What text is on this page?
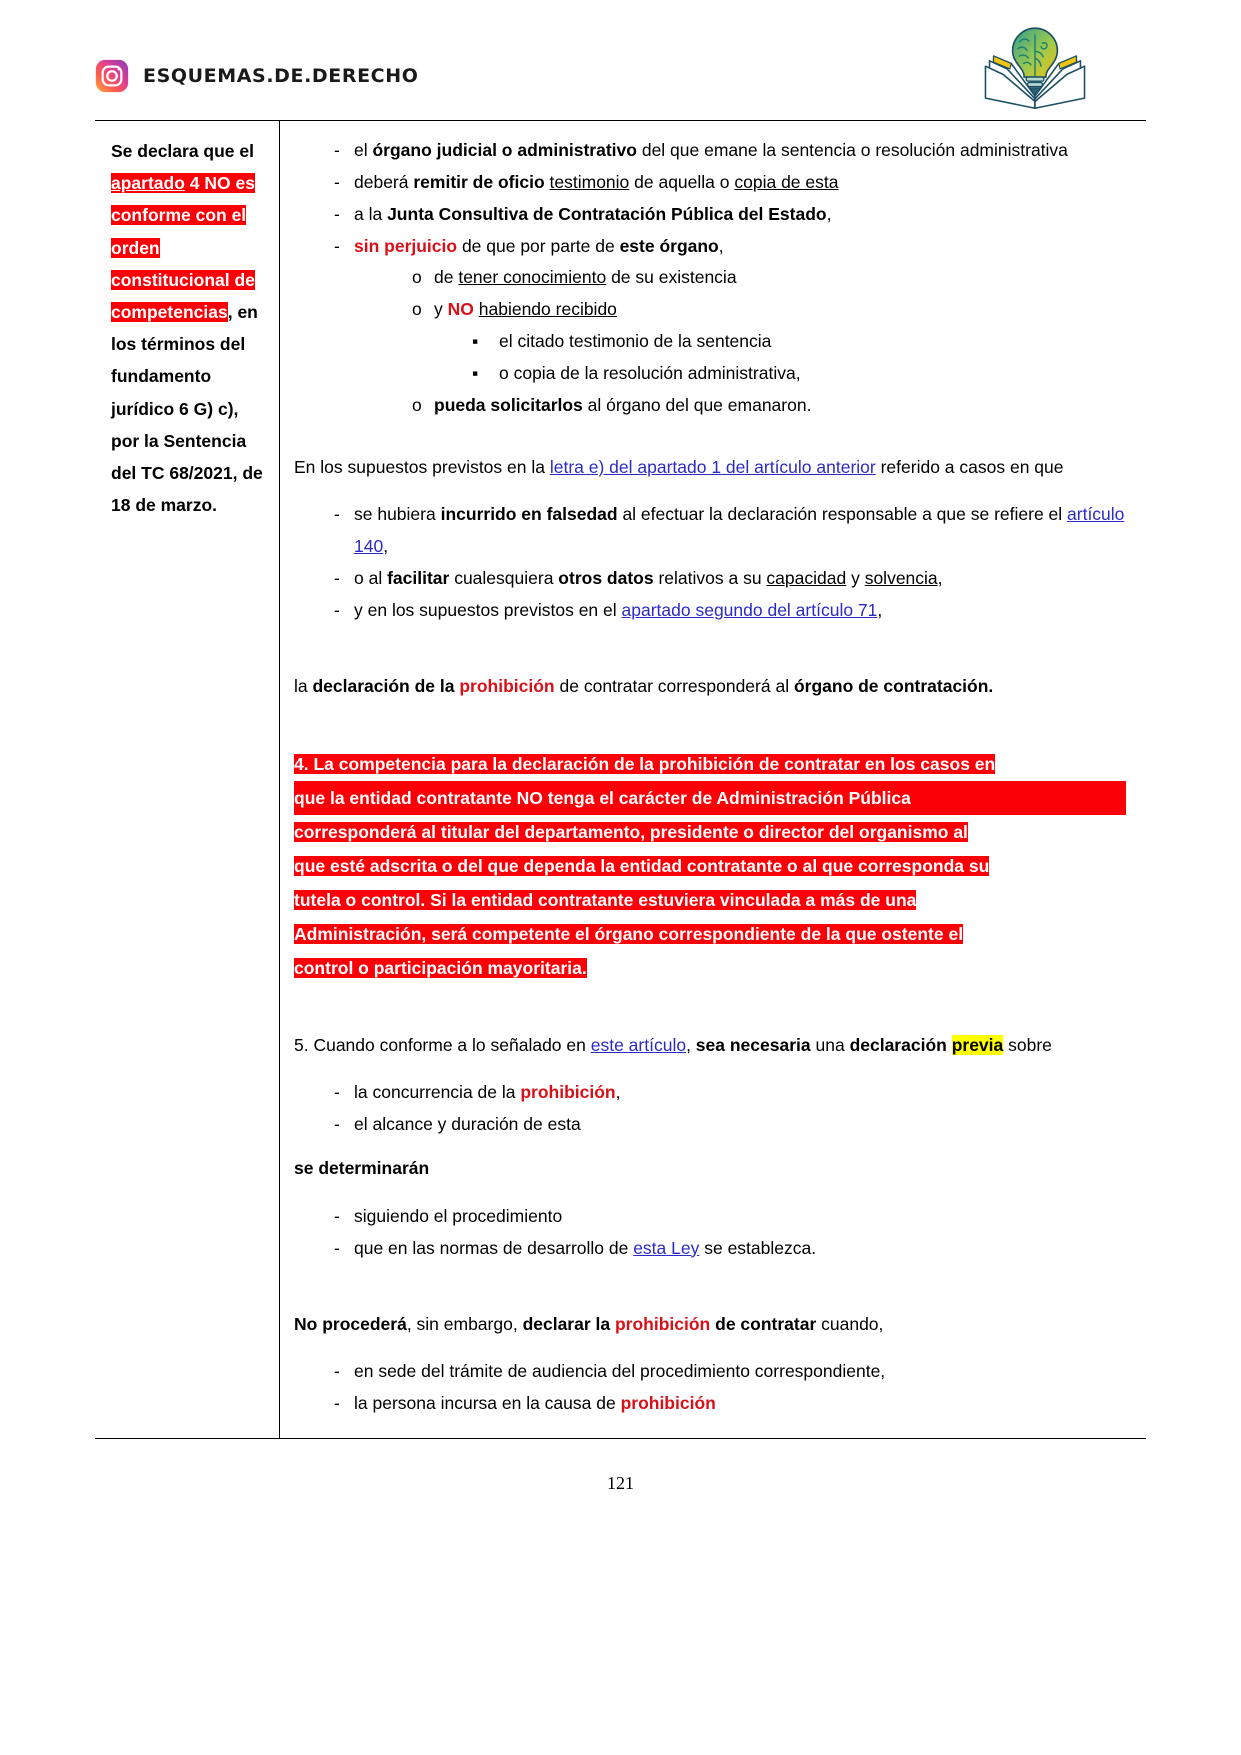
ESQUEMAS.DE.DERECHO
Se declara que el apartado 4 NO es conforme con el orden constitucional de competencias, en los términos del fundamento jurídico 6 G) c), por la Sentencia del TC 68/2021, de 18 de marzo.
- el órgano judicial o administrativo del que emane la sentencia o resolución administrativa
- deberá remitir de oficio testimonio de aquella o copia de esta
- a la Junta Consultiva de Contratación Pública del Estado,
- sin perjuicio de que por parte de este órgano,
o de tener conocimiento de su existencia
o y NO habiendo recibido
▪	el citado testimonio de la sentencia
▪	o copia de la resolución administrativa,
o pueda solicitarlos al órgano del que emanaron.

En los supuestos previstos en la letra e) del apartado 1 del artículo anterior referido a casos en que

- se hubiera incurrido en falsedad al efectuar la declaración responsable a que se refiere el artículo 140,
- o al facilitar cualesquiera otros datos relativos a su capacidad y solvencia,
- y en los supuestos previstos en el apartado segundo del artículo 71,

la declaración de la prohibición de contratar corresponderá al órgano de contratación.

4. La competencia para la declaración de la prohibición de contratar en los casos en
que la entidad contratante NO tenga el carácter de Administración Pública
corresponderá al titular del departamento, presidente o director del organismo al
que esté adscrita o del que dependa la entidad contratante o al que corresponda su
tutela o control. Si la entidad contratante estuviera vinculada a más de una
Administración, será competente el órgano correspondiente de la que ostente el
control o participación mayoritaria.

5. Cuando conforme a lo señalado en este artículo, sea necesaria una declaración previa sobre

- la concurrencia de la prohibición,
- el alcance y duración de esta

se determinarán

- siguiendo el procedimiento
- que en las normas de desarrollo de esta Ley se establezca.

No procederá, sin embargo, declarar la prohibición de contratar cuando,

- en sede del trámite de audiencia del procedimiento correspondiente,
- la persona incursa en la causa de prohibición
121
